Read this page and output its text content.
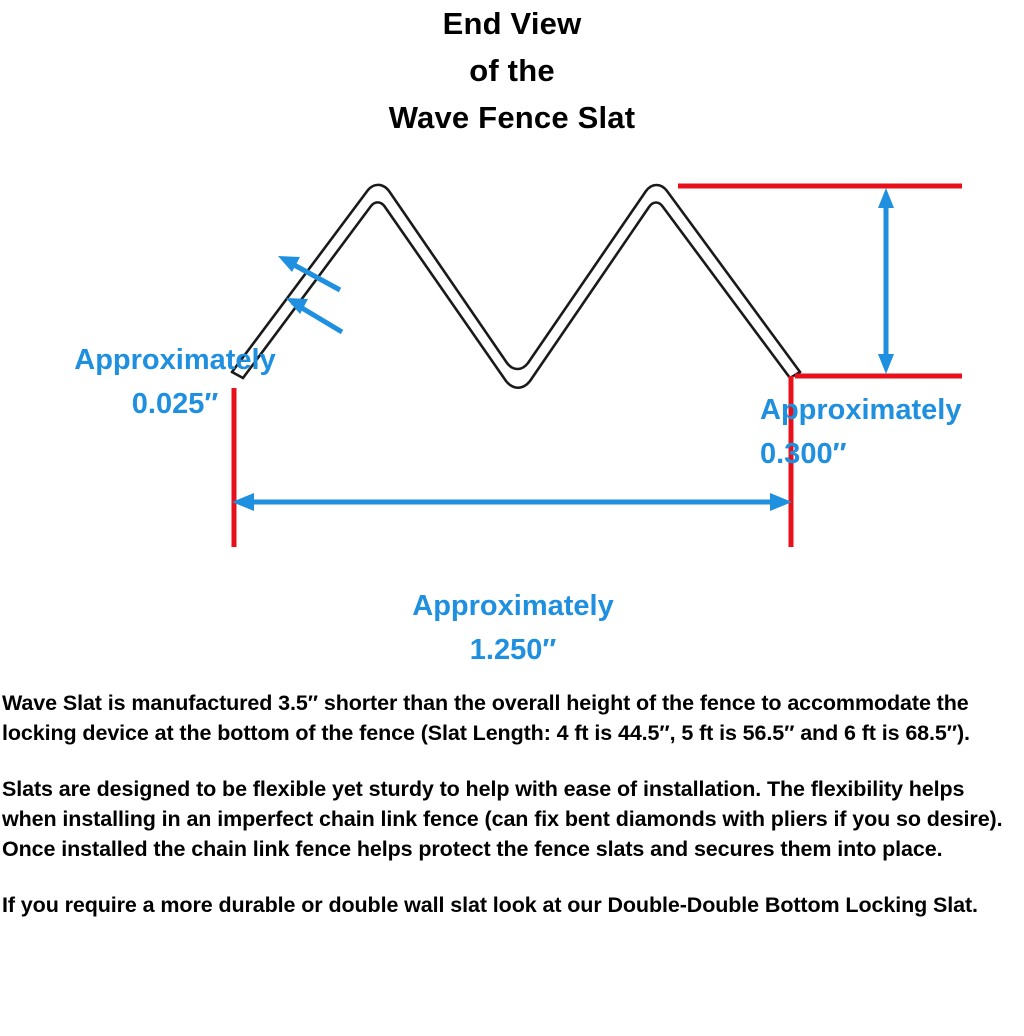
End View
of the
Wave Fence Slat
Approximately
0.025″	Approximately
0.300″
Approximately
1.250″

Wave Slat is manufactured 3.5″ shorter than the overall height of the fence to accommodate the locking device at the bottom of the fence (Slat Length: 4 ft is 44.5″, 5 ft is 56.5″ and 6 ft is 68.5″).

Slats are designed to be flexible yet sturdy to help with ease of installation. The flexibility helps when installing in an imperfect chain link fence (can fix bent diamonds with pliers if you so desire). Once installed the chain link fence helps protect the fence slats and secures them into place.

If you require a more durable or double wall slat look at our Double-Double Bottom Locking Slat.
